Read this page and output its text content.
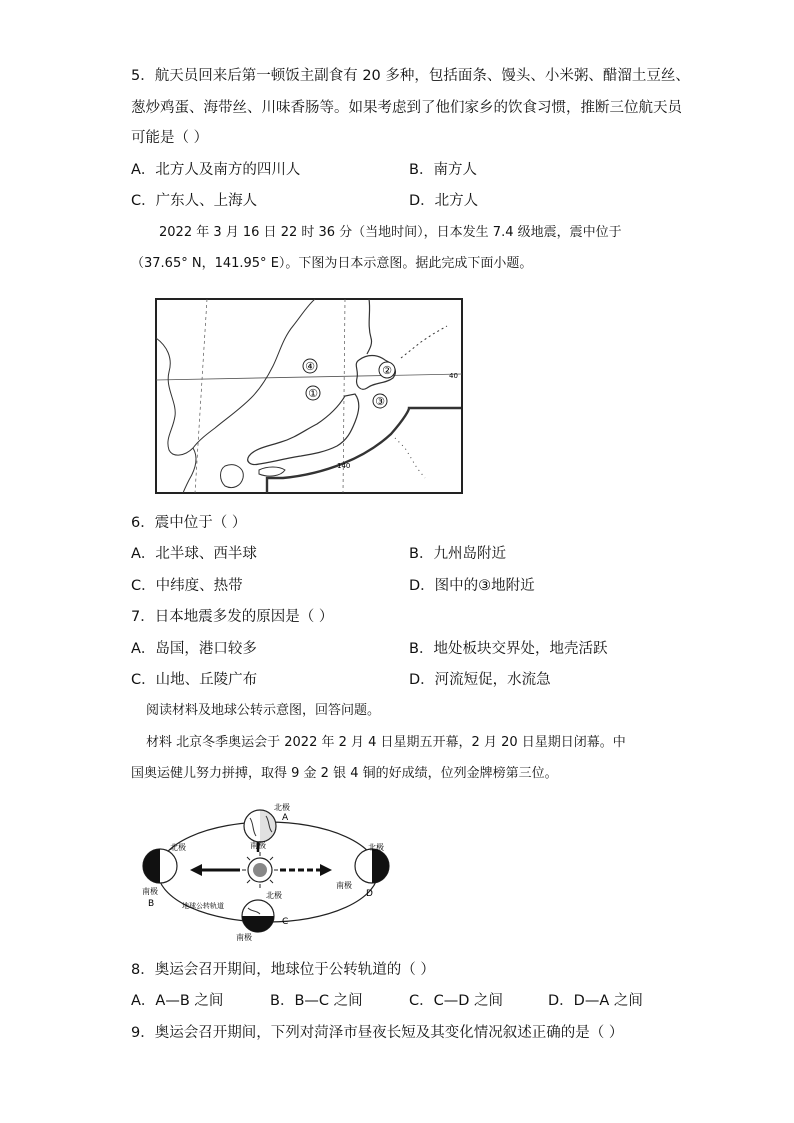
5．航天员回来后第一顿饭主副食有 20 多种，包括面条、馒头、小米粥、醋溜土豆丝、
葱炒鸡蛋、海带丝、川味香肠等。如果考虑到了他们家乡的饮食习惯，推断三位航天员
可能是（ ）
A．北方人及南方的四川人	B．南方人
C．广东人、上海人	D．北方人
2022 年 3 月 16 日 22 时 36 分（当地时间），日本发生 7.4 级地震，震中位于
（37.65° N，141.95° E）。下图为日本示意图。据此完成下面小题。
④	②
①
③
40
140
6．震中位于（ ）
A．北半球、西半球	B．九州岛附近
C．中纬度、热带	D．图中的③地附近
7．日本地震多发的原因是（ ）
A．岛国，港口较多	B．地处板块交界处，地壳活跃
C．山地、丘陵广布	D．河流短促，水流急
阅读材料及地球公转示意图，回答问题。
材料 北京冬季奥运会于 2022 年 2 月 4 日星期五开幕，2 月 20 日星期日闭幕。中
国奥运健儿努力拼搏，取得 9 金 2 银 4 铜的好成绩，位列金牌榜第三位。
北极
A
南极
北极
南极
B
北极
南极
D
北极
C
南极
地球公转轨道
8．奥运会召开期间，地球位于公转轨道的（ ）
A．A—B 之间	B．B—C 之间	C．C—D 之间	D．D—A 之间
9．奥运会召开期间，下列对菏泽市昼夜长短及其变化情况叙述正确的是（ ）
